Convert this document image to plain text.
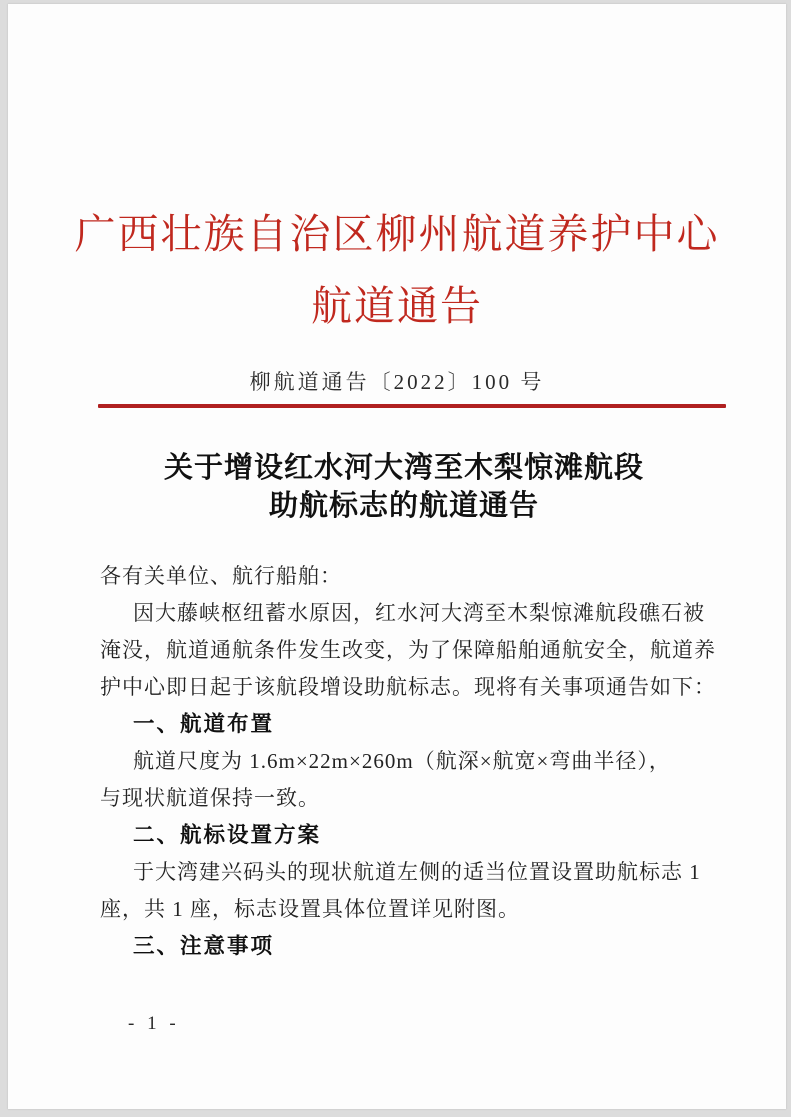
广西壮族自治区柳州航道养护中心
航道通告
柳航道通告〔2022〕100 号
关于增设红水河大湾至木梨惊滩航段
助航标志的航道通告
各有关单位、航行船舶：
因大藤峡枢纽蓄水原因，红水河大湾至木梨惊滩航段礁石被
淹没，航道通航条件发生改变，为了保障船舶通航安全，航道养
护中心即日起于该航段增设助航标志。现将有关事项通告如下：
一、航道布置
航道尺度为 1.6m×22m×260m（航深×航宽×弯曲半径），
与现状航道保持一致。
二、航标设置方案
于大湾建兴码头的现状航道左侧的适当位置设置助航标志 1
座，共 1 座，标志设置具体位置详见附图。
三、注意事项
- 1 -
